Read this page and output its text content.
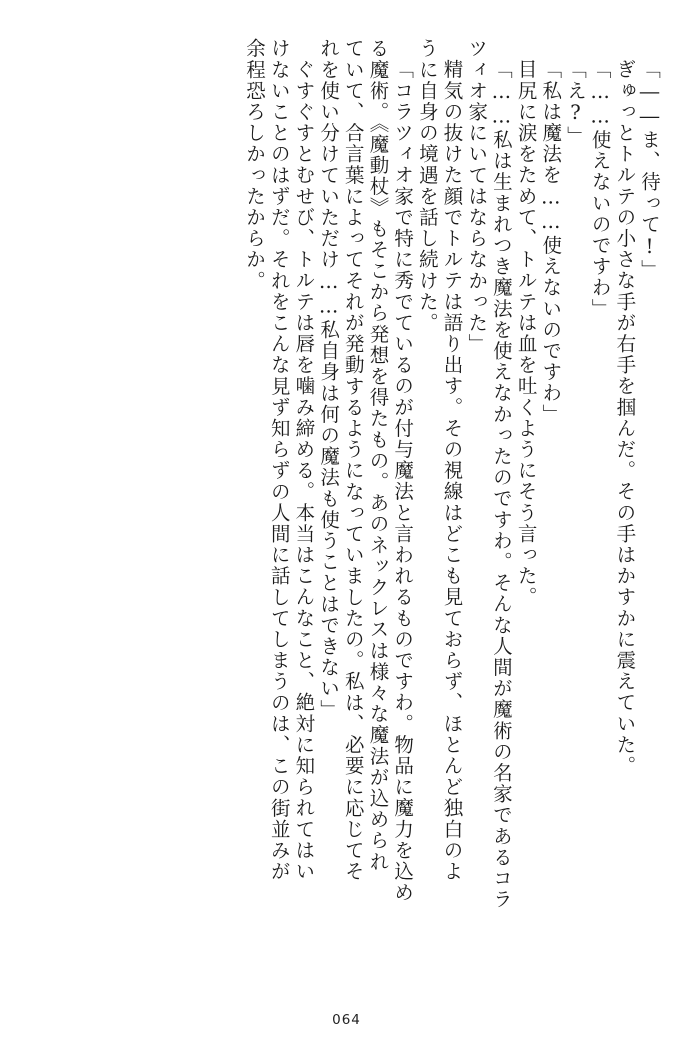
「――ま、待って!」
ぎゅっとトルテの小さな手が右手を掴んだ。その手はかすかに震えていた。
「……使えないのですわ」
「え?」
「私は魔法を……使えないのですわ」
目尻に涙をためて、トルテは血を吐くようにそう言った。
「……私は生まれつき魔法を使えなかったのですわ。そんな人間が魔術の名家であるコラ
ツィオ家にいてはならなかった」
精気の抜けた顔でトルテは語り出す。その視線はどこも見ておらず、ほとんど独白のよ
うに自身の境遇を話し続けた。
「コラツィオ家で特に秀でているのが付与魔法と言われるものですわ。物品に魔力を込め
る魔術。《魔動杖》もそこから発想を得たもの。あのネックレスは様々な魔法が込められ
ていて、合言葉によってそれが発動するようになっていましたの。私は、必要に応じてそ
れを使い分けていただけ……私自身は何の魔法も使うことはできない」
ぐすぐすとむせび、トルテは唇を噛み締める。本当はこんなこと、絶対に知られてはい
けないことのはずだ。それをこんな見ず知らずの人間に話してしまうのは、この街並みが
余程恐ろしかったからか。
064
